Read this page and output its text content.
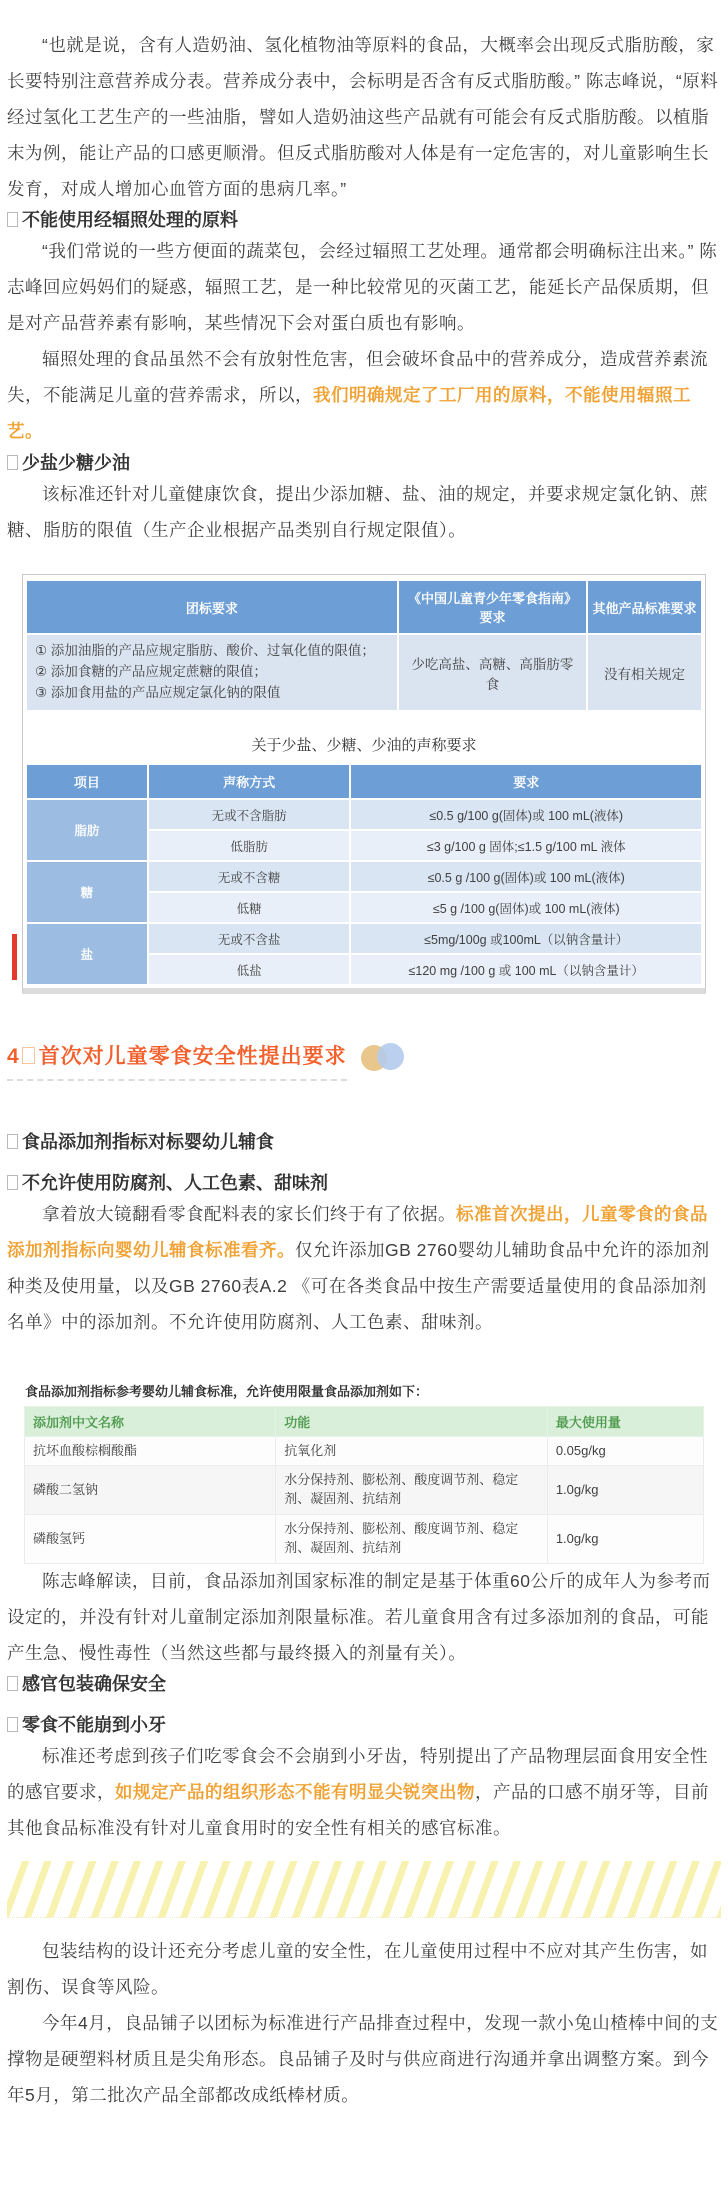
“也就是说，含有人造奶油、氢化植物油等原料的食品，大概率会出现反式脂肪酸，家长要特别注意营养成分表。营养成分表中，会标明是否含有反式脂肪酸。” 陈志峰说，“原料经过氢化工艺生产的一些油脂，譬如人造奶油这些产品就有可能会有反式脂肪酸。以植脂末为例，能让产品的口感更顺滑。但反式脂肪酸对人体是有一定危害的，对儿童影响生长发育，对成人增加心血管方面的患病几率。”

不能使用经辐照处理的原料

“我们常说的一些方便面的蔬菜包，会经过辐照工艺处理。通常都会明确标注出来。” 陈志峰回应妈妈们的疑惑，辐照工艺，是一种比较常见的灭菌工艺，能延长产品保质期，但是对产品营养素有影响，某些情况下会对蛋白质也有影响。

辐照处理的食品虽然不会有放射性危害，但会破坏食品中的营养成分，造成营养素流失，不能满足儿童的营养需求，所以，我们明确规定了工厂用的原料，不能使用辐照工艺。

少盐少糖少油

该标准还针对儿童健康饮食，提出少添加糖、盐、油的规定，并要求规定氯化钠、蔗糖、脂肪的限值（生产企业根据产品类别自行规定限值）。

团标要求	《中国儿童青少年零食指南》要求	其他产品标准要求

① 添加油脂的产品应规定脂肪、酸价、过氧化值的限值；
② 添加食糖的产品应规定蔗糖的限值；
③ 添加食用盐的产品应规定氯化钠的限值	少吃高盐、高糖、高脂肪零食	没有相关规定
关于少盐、少糖、少油的声称要求
项目	声称方式	要求
脂肪	无或不含脂肪	≤0.5 g/100 g(固体)或 100 mL(液体)
	低脂肪	≤3 g/100 g 固体;≤1.5 g/100 mL 液体
糖	无或不含糖	≤0.5 g /100 g(固体)或 100 mL(液体)
	低糖	≤5 g /100 g(固体)或 100 mL(液体)
盐	无或不含盐	≤5mg/100g 或100mL（以钠含量计）
	低盐	≤120 mg /100 g 或 100 mL（以钠含量计）
4 首次对儿童零食安全性提出要求
食品添加剂指标对标婴幼儿辅食
不允许使用防腐剂、人工色素、甜味剂

拿着放大镜翻看零食配料表的家长们终于有了依据。标准首次提出，儿童零食的食品添加剂指标向婴幼儿辅食标准看齐。仅允许添加GB 2760婴幼儿辅助食品中允许的添加剂种类及使用量，以及GB 2760表A.2 《可在各类食品中按生产需要适量使用的食品添加剂名单》中的添加剂。不允许使用防腐剂、人工色素、甜味剂。

食品添加剂指标参考婴幼儿辅食标准，允许使用限量食品添加剂如下：
添加剂中文名称	功能	最大使用量
抗坏血酸棕榈酸酯	抗氧化剂	0.05g/kg
磷酸二氢钠	水分保持剂、膨松剂、酸度调节剂、稳定剂、凝固剂、抗结剂	1.0g/kg
磷酸氢钙	水分保持剂、膨松剂、酸度调节剂、稳定剂、凝固剂、抗结剂	1.0g/kg

陈志峰解读，目前，食品添加剂国家标准的制定是基于体重60公斤的成年人为参考而设定的，并没有针对儿童制定添加剂限量标准。若儿童食用含有过多添加剂的食品，可能产生急、慢性毒性（当然这些都与最终摄入的剂量有关）。

感官包装确保安全
零食不能崩到小牙

标准还考虑到孩子们吃零食会不会崩到小牙齿，特别提出了产品物理层面食用安全性的感官要求，如规定产品的组织形态不能有明显尖锐突出物，产品的口感不崩牙等，目前其他食品标准没有针对儿童食用时的安全性有相关的感官标准。

包装结构的设计还充分考虑儿童的安全性，在儿童使用过程中不应对其产生伤害，如割伤、误食等风险。

今年4月，良品铺子以团标为标准进行产品排查过程中，发现一款小兔山楂棒中间的支撑物是硬塑料材质且是尖角形态。良品铺子及时与供应商进行沟通并拿出调整方案。到今年5月，第二批次产品全部都改成纸棒材质。
